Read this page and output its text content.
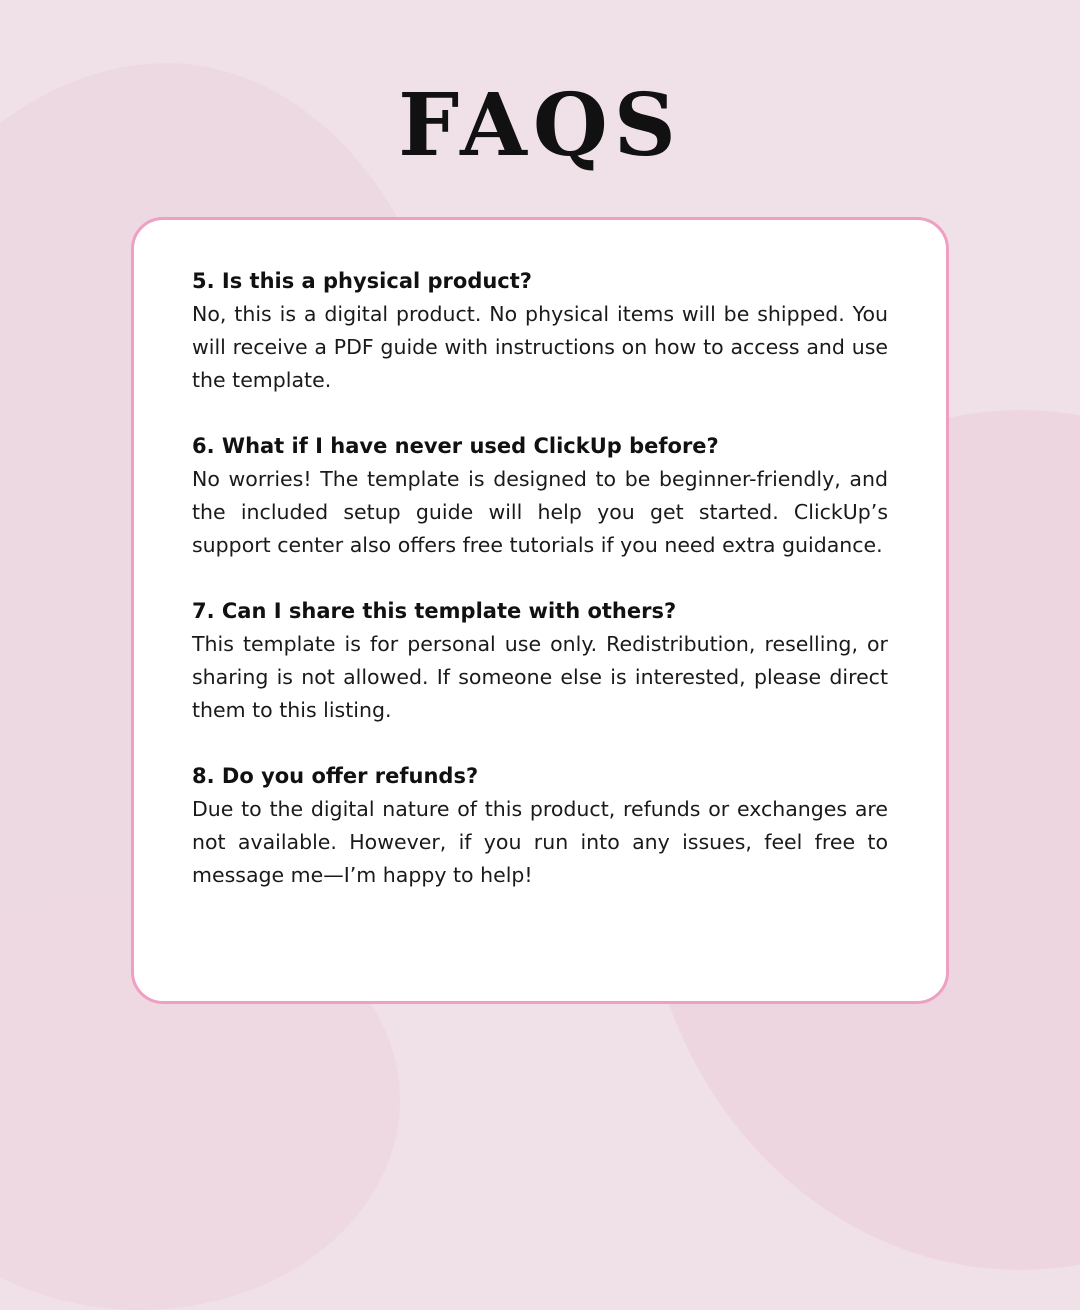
FAQS

5. Is this a physical product?

No, this is a digital product. No physical items will be shipped. You will receive a PDF guide with instructions on how to access and use the template.

6. What if I have never used ClickUp before?

No worries! The template is designed to be beginner-friendly, and the included setup guide will help you get started. ClickUp’s support center also offers free tutorials if you need extra guidance.

7. Can I share this template with others?

This template is for personal use only. Redistribution, reselling, or sharing is not allowed. If someone else is interested, please direct them to this listing.

8. Do you offer refunds?

Due to the digital nature of this product, refunds or exchanges are not available. However, if you run into any issues, feel free to message me—I’m happy to help!
